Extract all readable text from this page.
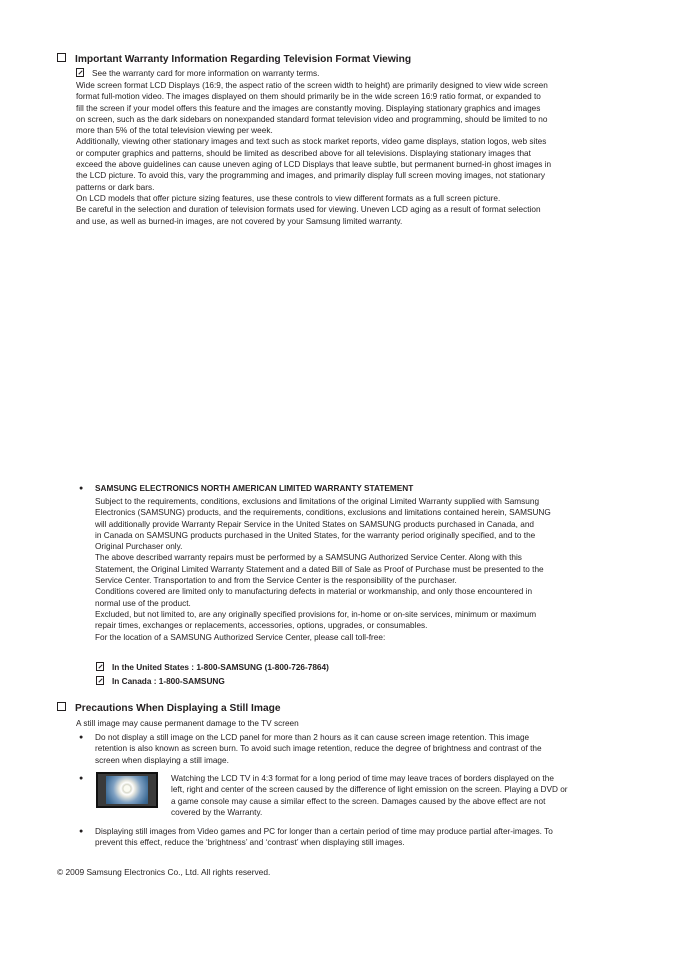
Important Warranty Information Regarding Television Format Viewing
See the warranty card for more information on warranty terms.
Wide screen format LCD Displays (16:9, the aspect ratio of the screen width to height) are primarily designed to view wide screen
format full-motion video. The images displayed on them should primarily be in the wide screen 16:9 ratio format, or expanded to
fill the screen if your model offers this feature and the images are constantly moving. Displaying stationary graphics and images
on screen, such as the dark sidebars on nonexpanded standard format television video and programming, should be limited to no
more than 5% of the total television viewing per week.
Additionally, viewing other stationary images and text such as stock market reports, video game displays, station logos, web sites
or computer graphics and patterns, should be limited as described above for all televisions. Displaying stationary images that
exceed the above guidelines can cause uneven aging of LCD Displays that leave subtle, but permanent burned-in ghost images in
the LCD picture. To avoid this, vary the programming and images, and primarily display full screen moving images, not stationary
patterns or dark bars.
On LCD models that offer picture sizing features, use these controls to view different formats as a full screen picture.
Be careful in the selection and duration of television formats used for viewing. Uneven LCD aging as a result of format selection
and use, as well as burned-in images, are not covered by your Samsung limited warranty.
● SAMSUNG ELECTRONICS NORTH AMERICAN LIMITED WARRANTY STATEMENT
Subject to the requirements, conditions, exclusions and limitations of the original Limited Warranty supplied with Samsung
Electronics (SAMSUNG) products, and the requirements, conditions, exclusions and limitations contained herein, SAMSUNG
will additionally provide Warranty Repair Service in the United States on SAMSUNG products purchased in Canada, and
in Canada on SAMSUNG products purchased in the United States, for the warranty period originally specified, and to the
Original Purchaser only.
The above described warranty repairs must be performed by a SAMSUNG Authorized Service Center. Along with this
Statement, the Original Limited Warranty Statement and a dated Bill of Sale as Proof of Purchase must be presented to the
Service Center. Transportation to and from the Service Center is the responsibility of the purchaser.
Conditions covered are limited only to manufacturing defects in material or workmanship, and only those encountered in
normal use of the product.
Excluded, but not limited to, are any originally specified provisions for, in-home or on-site services, minimum or maximum
repair times, exchanges or replacements, accessories, options, upgrades, or consumables.
For the location of a SAMSUNG Authorized Service Center, please call toll-free:
In the United States : 1-800-SAMSUNG (1-800-726-7864)
In Canada : 1-800-SAMSUNG
Precautions When Displaying a Still Image
A still image may cause permanent damage to the TV screen
● Do not display a still image on the LCD panel for more than 2 hours as it can cause screen image retention. This image
retention is also known as screen burn. To avoid such image retention, reduce the degree of brightness and contrast of the
screen when displaying a still image.
●	Watching the LCD TV in 4:3 format for a long period of time may leave traces of borders displayed on the
left, right and center of the screen caused by the difference of light emission on the screen. Playing a DVD or
a game console may cause a similar effect to the screen. Damages caused by the above effect are not
covered by the Warranty.
● Displaying still images from Video games and PC for longer than a certain period of time may produce partial after-images. To
prevent this effect, reduce the ‘brightness’ and ‘contrast’ when displaying still images.
© 2009 Samsung Electronics Co., Ltd. All rights reserved.
